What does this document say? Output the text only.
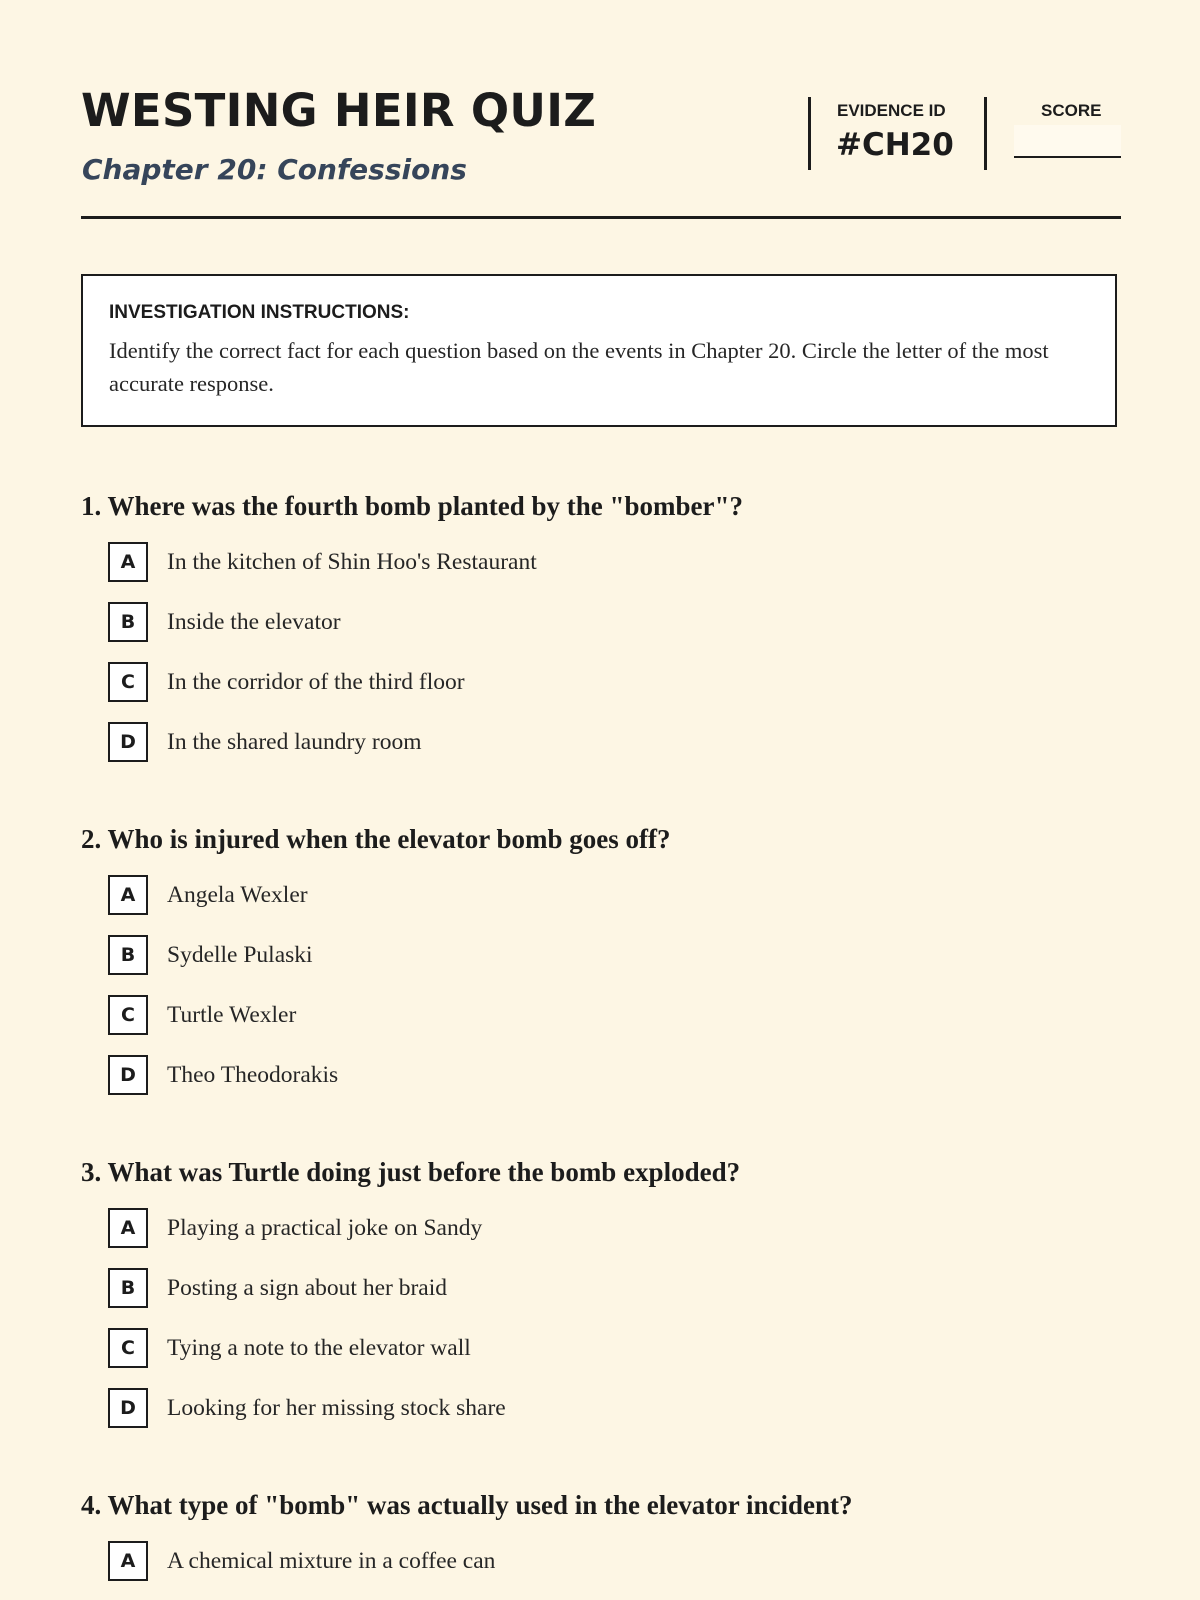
WESTING HEIR QUIZ
Chapter 20: Confessions
EVIDENCE ID
#CH20
SCORE
INVESTIGATION INSTRUCTIONS:
Identify the correct fact for each question based on the events in Chapter 20. Circle the letter of the most accurate response.
1. Where was the fourth bomb planted by the "bomber"?
A	In the kitchen of Shin Hoo's Restaurant
B	Inside the elevator
C	In the corridor of the third floor
D	In the shared laundry room
2. Who is injured when the elevator bomb goes off?
A	Angela Wexler
B	Sydelle Pulaski
C	Turtle Wexler
D	Theo Theodorakis
3. What was Turtle doing just before the bomb exploded?
A	Playing a practical joke on Sandy
B	Posting a sign about her braid
C	Tying a note to the elevator wall
D	Looking for her missing stock share
4. What type of "bomb" was actually used in the elevator incident?
A	A chemical mixture in a coffee can
